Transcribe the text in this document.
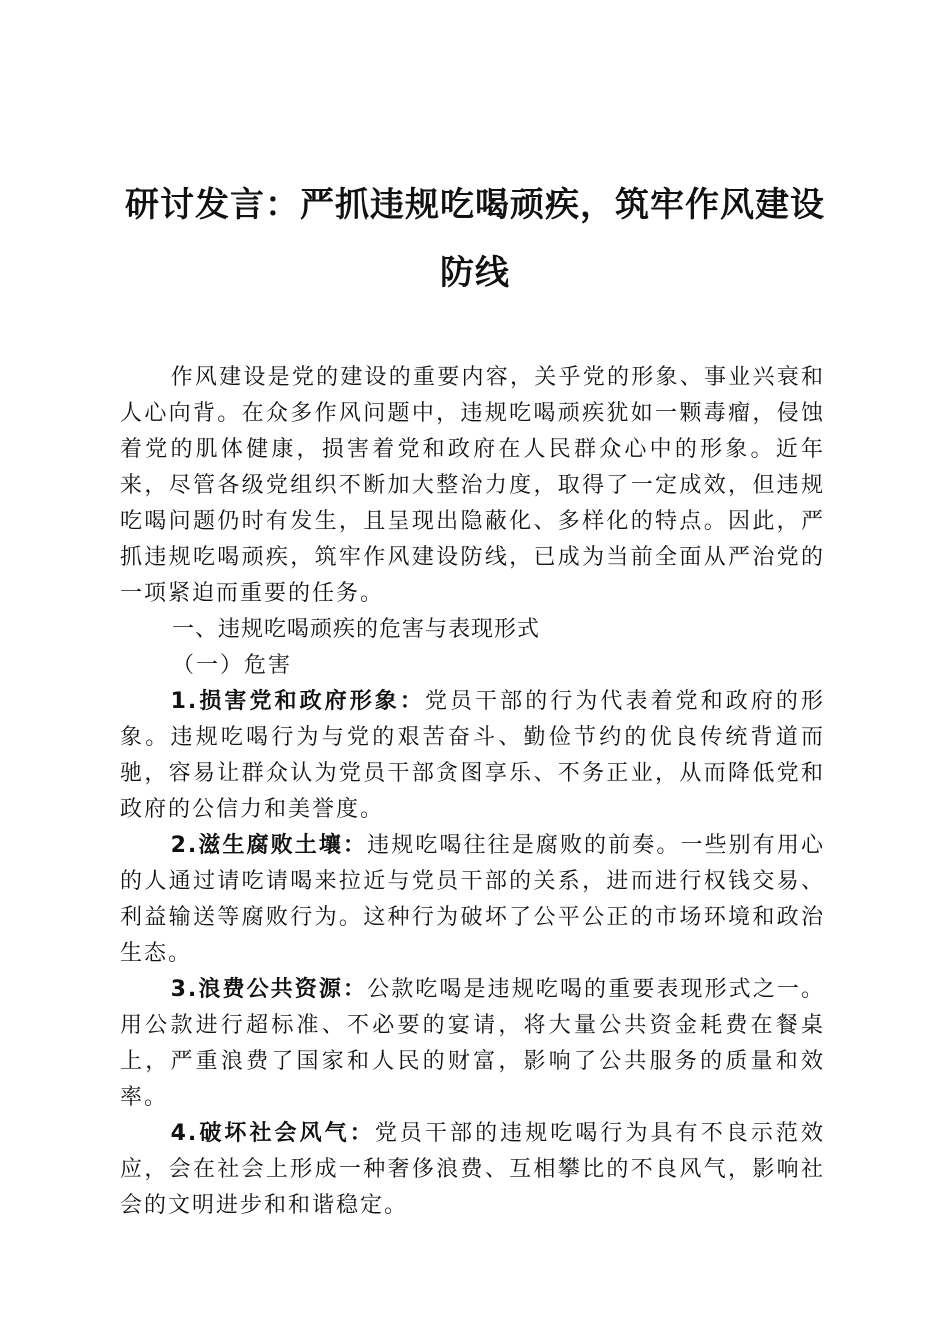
研讨发言：严抓违规吃喝顽疾，筑牢作风建设

防线

作风建设是党的建设的重要内容，关乎党的形象、事业兴衰和人心向背。在众多作风问题中，违规吃喝顽疾犹如一颗毒瘤，侵蚀着党的肌体健康，损害着党和政府在人民群众心中的形象。近年来，尽管各级党组织不断加大整治力度，取得了一定成效，但违规吃喝问题仍时有发生，且呈现出隐蔽化、多样化的特点。因此，严抓违规吃喝顽疾，筑牢作风建设防线，已成为当前全面从严治党的一项紧迫而重要的任务。

一、违规吃喝顽疾的危害与表现形式

（一）危害

1.损害党和政府形象：党员干部的行为代表着党和政府的形象。违规吃喝行为与党的艰苦奋斗、勤俭节约的优良传统背道而驰，容易让群众认为党员干部贪图享乐、不务正业，从而降低党和政府的公信力和美誉度。

2.滋生腐败土壤：违规吃喝往往是腐败的前奏。一些别有用心的人通过请吃请喝来拉近与党员干部的关系，进而进行权钱交易、利益输送等腐败行为。这种行为破坏了公平公正的市场环境和政治生态。

3.浪费公共资源：公款吃喝是违规吃喝的重要表现形式之一。用公款进行超标准、不必要的宴请，将大量公共资金耗费在餐桌上，严重浪费了国家和人民的财富，影响了公共服务的质量和效率。

4.破坏社会风气：党员干部的违规吃喝行为具有不良示范效应，会在社会上形成一种奢侈浪费、互相攀比的不良风气，影响社会的文明进步和和谐稳定。
